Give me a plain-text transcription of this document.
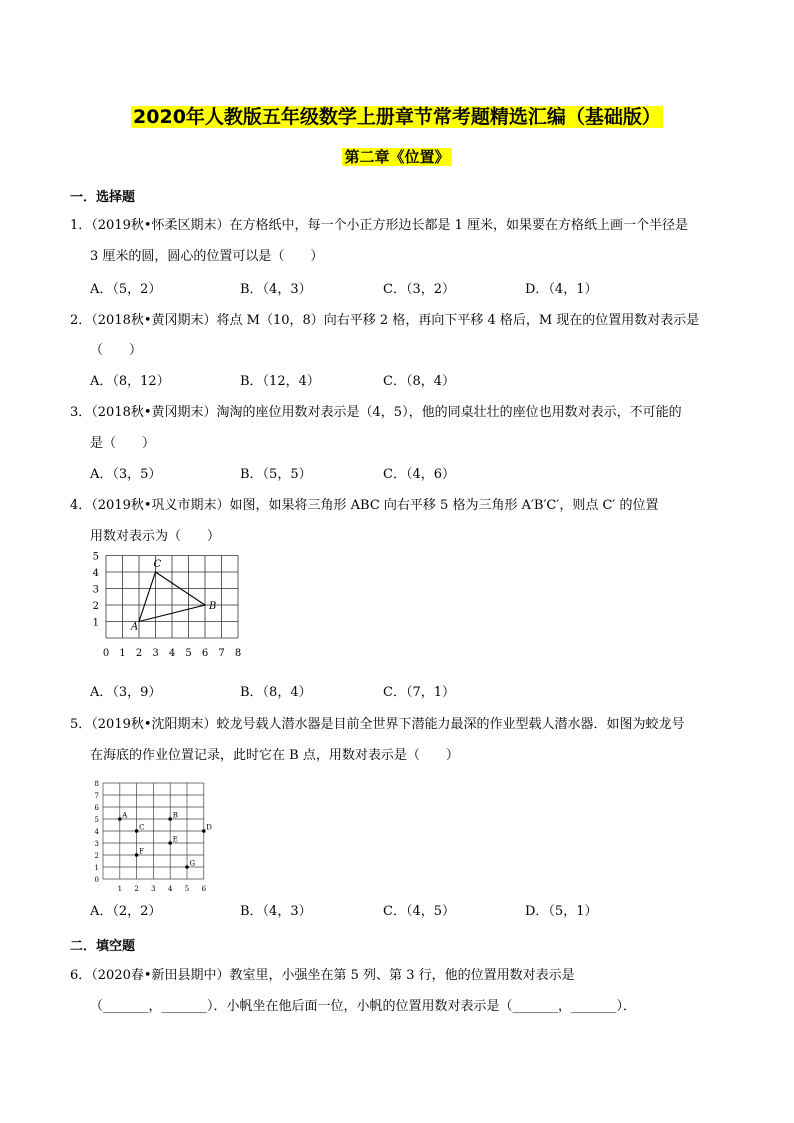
2020年人教版五年级数学上册章节常考题精选汇编（基础版）
第二章《位置》
一．选择题
1．（2019秋•怀柔区期末）在方格纸中，每一个小正方形边长都是 1 厘米，如果要在方格纸上画一个半径是
3 厘米的圆，圆心的位置可以是（　　）
A．（5，2）	B．（4，3）	C．（3，2）	D．（4，1）
2．（2018秋•黄冈期末）将点 M（10，8）向右平移 2 格，再向下平移 4 格后，M 现在的位置用数对表示是
（　　）
A．（8，12）	B．（12，4）	C．（8，4）
3．（2018秋•黄冈期末）淘淘的座位用数对表示是（4，5），他的同桌壮壮的座位也用数对表示，不可能的
是（　　）
A．（3，5）	B．（5，5）	C．（4，6）
4．（2019秋•巩义市期末）如图，如果将三角形 ABC 向右平移 5 格为三角形 A′B′C′，则点 C′ 的位置
用数对表示为（　　）
0 1 2 3 4 5 6 7 8
5
4
3
2
1	A
B
C
A．（3，9）	B．（8，4）	C．（7，1）
5．（2019秋•沈阳期末）蛟龙号载人潜水器是目前全世界下潜能力最深的作业型载人潜水器．如图为蛟龙号
在海底的作业位置记录，此时它在 B 点，用数对表示是（　　）
1 2 3 4 5 6
8
7
6
5
4
3
2
1
0
A	B
C	D
E
F
G
A．（2，2）	B．（4，3）	C．（4，5）	D．（5，1）
二．填空题
6．（2020春•新田县期中）教室里，小强坐在第 5 列、第 3 行，他的位置用数对表示是
（_______，_______）．小帆坐在他后面一位，小帆的位置用数对表示是（_______，_______）．
